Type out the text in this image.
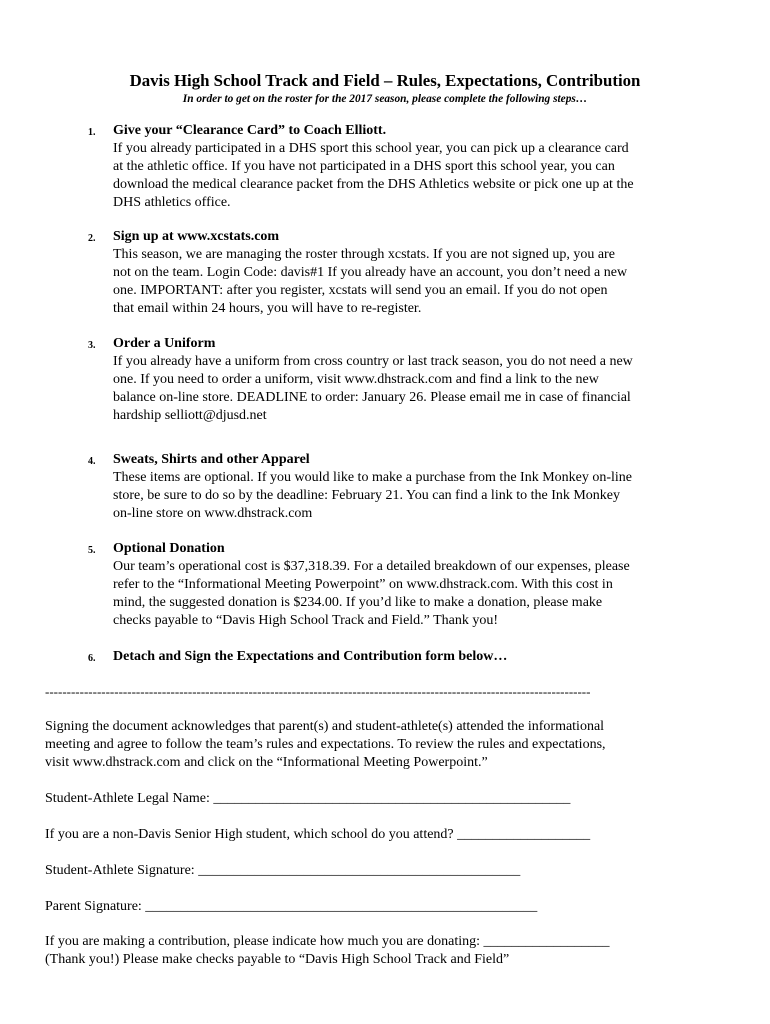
Davis High School Track and Field – Rules, Expectations, Contribution
In order to get on the roster for the 2017 season, please complete the following steps…
1. Give your “Clearance Card” to Coach Elliott.
If you already participated in a DHS sport this school year, you can pick up a clearance card
at the athletic office. If you have not participated in a DHS sport this school year, you can
download the medical clearance packet from the DHS Athletics website or pick one up at the
DHS athletics office.
2. Sign up at www.xcstats.com
This season, we are managing the roster through xcstats. If you are not signed up, you are
not on the team. Login Code: davis#1 If you already have an account, you don’t need a new
one. IMPORTANT: after you register, xcstats will send you an email. If you do not open
that email within 24 hours, you will have to re-register.
3. Order a Uniform
If you already have a uniform from cross country or last track season, you do not need a new
one. If you need to order a uniform, visit www.dhstrack.com and find a link to the new
balance on-line store. DEADLINE to order: January 26. Please email me in case of financial
hardship selliott@djusd.net
4. Sweats, Shirts and other Apparel
These items are optional. If you would like to make a purchase from the Ink Monkey on-line
store, be sure to do so by the deadline: February 21. You can find a link to the Ink Monkey
on-line store on www.dhstrack.com
5. Optional Donation
Our team’s operational cost is $37,318.39. For a detailed breakdown of our expenses, please
refer to the “Informational Meeting Powerpoint” on www.dhstrack.com. With this cost in
mind, the suggested donation is $234.00. If you’d like to make a donation, please make
checks payable to “Davis High School Track and Field.” Thank you!
6. Detach and Sign the Expectations and Contribution form below…
------------------------------------------------------------------------------------------------------------------------------
Signing the document acknowledges that parent(s) and student-athlete(s) attended the informational
meeting and agree to follow the team’s rules and expectations. To review the rules and expectations,
visit www.dhstrack.com and click on the “Informational Meeting Powerpoint.”
Student-Athlete Legal Name: ___________________________________________________
If you are a non-Davis Senior High student, which school do you attend? ___________________
Student-Athlete Signature: ______________________________________________
Parent Signature: ________________________________________________________
If you are making a contribution, please indicate how much you are donating: __________________
(Thank you!) Please make checks payable to “Davis High School Track and Field”
